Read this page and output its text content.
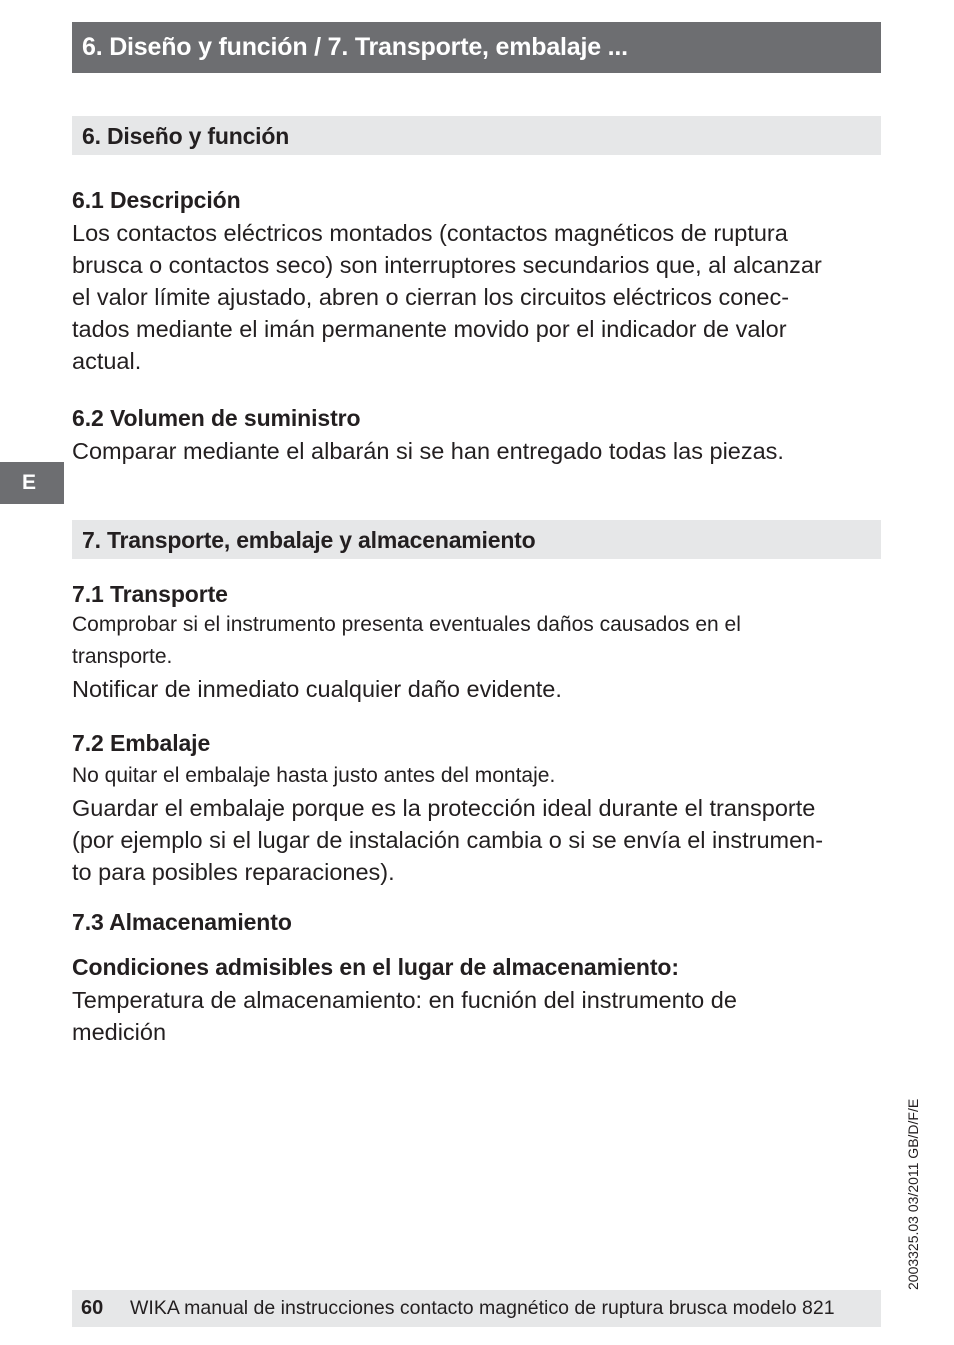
6. Diseño y función / 7. Transporte, embalaje ...
6. Diseño y función
6.1 Descripción
Los contactos eléctricos montados (contactos magnéticos de ruptura
brusca o contactos seco) son interruptores secundarios que, al alcanzar
el valor límite ajustado, abren o cierran los circuitos eléctricos conec-
tados mediante el imán permanente movido por el indicador de valor
actual.
6.2 Volumen de suministro
Comparar mediante el albarán si se han entregado todas las piezas.
E
7. Transporte, embalaje y almacenamiento
7.1 Transporte
Comprobar si el instrumento presenta eventuales daños causados en el
transporte.
Notificar de inmediato cualquier daño evidente.
7.2 Embalaje
No quitar el embalaje hasta justo antes del montaje.
Guardar el embalaje porque es la protección ideal durante el transporte
(por ejemplo si el lugar de instalación cambia o si se envía el instrumen-
to para posibles reparaciones).
7.3 Almacenamiento
Condiciones admisibles en el lugar de almacenamiento:
Temperatura de almacenamiento: en fucnión del instrumento de
medición
2003325.03 03/2011 GB/D/F/E
60 WIKA manual de instrucciones contacto magnético de ruptura brusca modelo 821
